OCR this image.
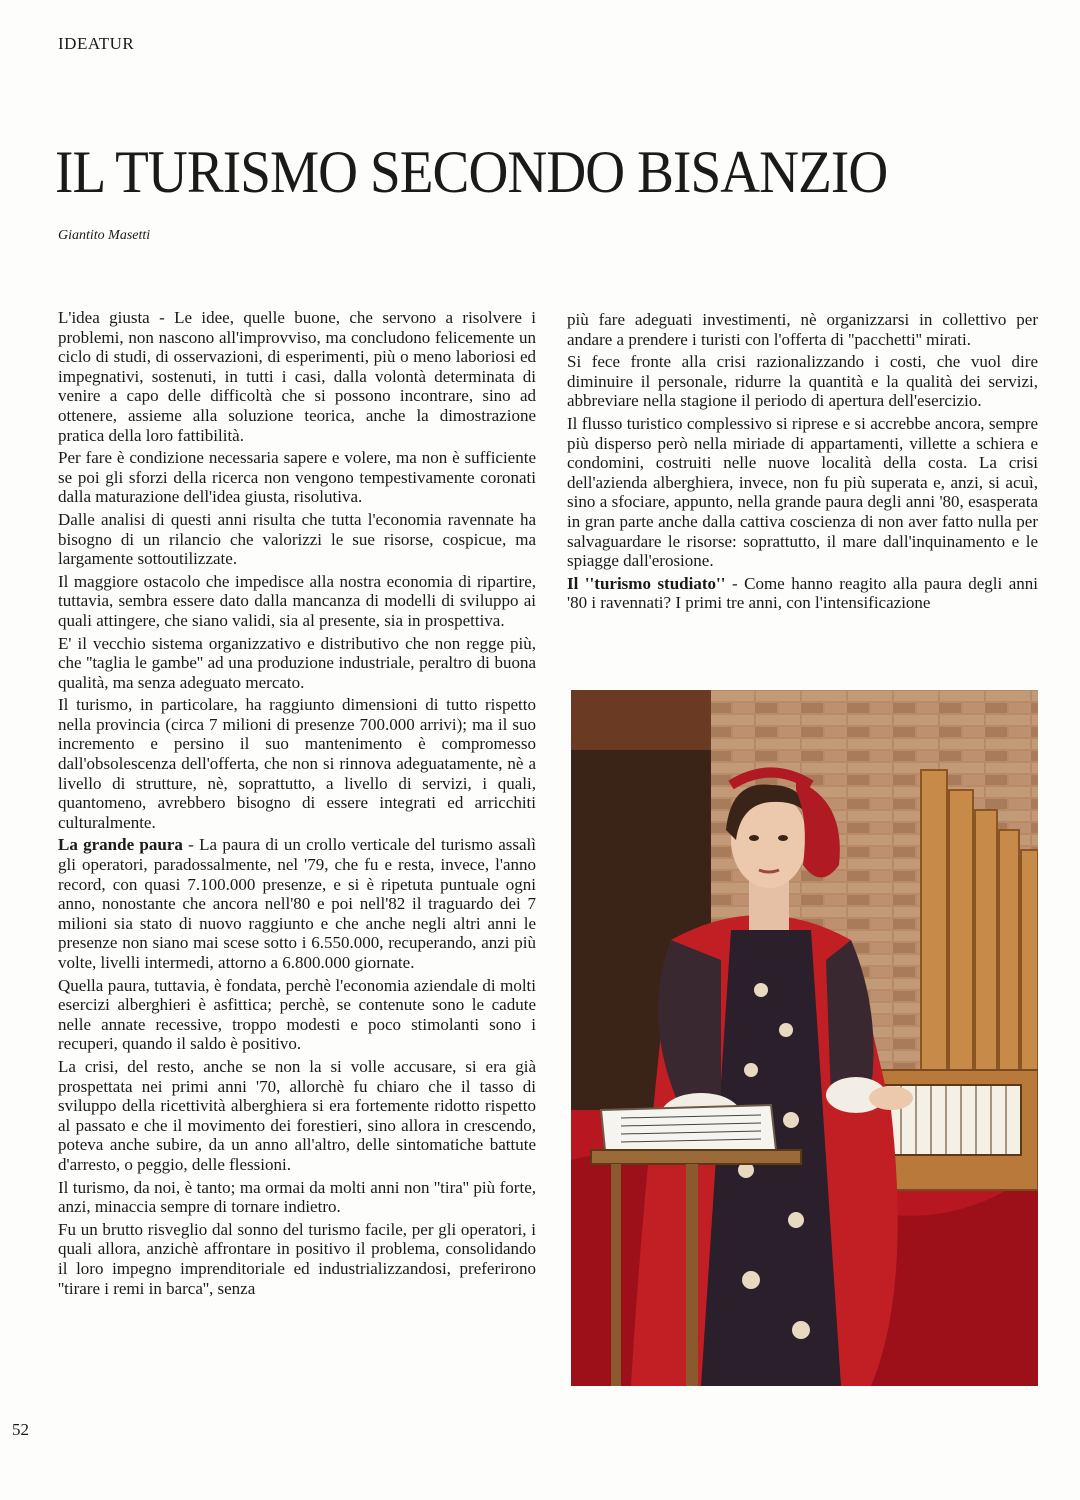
IDEATUR
IL TURISMO SECONDO BISANZIO
Giantito Masetti

L'idea giusta - Le idee, quelle buone, che servono a risolvere i problemi, non nascono all'improvviso, ma concludono felicemente un ciclo di studi, di osservazioni, di esperimenti, più o meno laboriosi ed impegnativi, sostenuti, in tutti i casi, dalla volontà determinata di venire a capo delle difficoltà che si possono incontrare, sino ad ottenere, assieme alla soluzione teorica, anche la dimostrazione pratica della loro fattibilità.

Per fare è condizione necessaria sapere e volere, ma non è sufficiente se poi gli sforzi della ricerca non vengono tempestivamente coronati dalla maturazione dell'idea giusta, risolutiva.

Dalle analisi di questi anni risulta che tutta l'economia ravennate ha bisogno di un rilancio che valorizzi le sue risorse, cospicue, ma largamente sottoutilizzate.

Il maggiore ostacolo che impedisce alla nostra economia di ripartire, tuttavia, sembra essere dato dalla mancanza di modelli di sviluppo ai quali attingere, che siano validi, sia al presente, sia in prospettiva.

E' il vecchio sistema organizzativo e distributivo che non regge più, che ''taglia le gambe'' ad una produzione industriale, peraltro di buona qualità, ma senza adeguato mercato.

Il turismo, in particolare, ha raggiunto dimensioni di tutto rispetto nella provincia (circa 7 milioni di presenze 700.000 arrivi); ma il suo incremento e persino il suo mantenimento è compromesso dall'obsolescenza dell'offerta, che non si rinnova adeguatamente, nè a livello di strutture, nè, soprattutto, a livello di servizi, i quali, quantomeno, avrebbero bisogno di essere integrati ed arricchiti culturalmente.

La grande paura - La paura di un crollo verticale del turismo assalì gli operatori, paradossalmente, nel '79, che fu e resta, invece, l'anno record, con quasi 7.100.000 presenze, e si è ripetuta puntuale ogni anno, nonostante che ancora nell'80 e poi nell'82 il traguardo dei 7 milioni sia stato di nuovo raggiunto e che anche negli altri anni le presenze non siano mai scese sotto i 6.550.000, recuperando, anzi più volte, livelli intermedi, attorno a 6.800.000 giornate.

Quella paura, tuttavia, è fondata, perchè l'economia aziendale di molti esercizi alberghieri è asfittica; perchè, se contenute sono le cadute nelle annate recessive, troppo modesti e poco stimolanti sono i recuperi, quando il saldo è positivo.

La crisi, del resto, anche se non la si volle accusare, si era già prospettata nei primi anni '70, allorchè fu chiaro che il tasso di sviluppo della ricettività alberghiera si era fortemente ridotto rispetto al passato e che il movimento dei forestieri, sino allora in crescendo, poteva anche subire, da un anno all'altro, delle sintomatiche battute d'arresto, o peggio, delle flessioni.

Il turismo, da noi, è tanto; ma ormai da molti anni non ''tira'' più forte, anzi, minaccia sempre di tornare indietro.

Fu un brutto risveglio dal sonno del turismo facile, per gli operatori, i quali allora, anzichè affrontare in positivo il problema, consolidando il loro impegno imprenditoriale ed industrializzandosi, preferirono ''tirare i remi in barca'', senza

più fare adeguati investimenti, nè organizzarsi in collettivo per andare a prendere i turisti con l'offerta di ''pacchetti'' mirati.

Si fece fronte alla crisi razionalizzando i costi, che vuol dire diminuire il personale, ridurre la quantità e la qualità dei servizi, abbreviare nella stagione il periodo di apertura dell'esercizio.

Il flusso turistico complessivo si riprese e si accrebbe ancora, sempre più disperso però nella miriade di appartamenti, villette a schiera e condomini, costruiti nelle nuove località della costa. La crisi dell'azienda alberghiera, invece, non fu più superata e, anzi, si acuì, sino a sfociare, appunto, nella grande paura degli anni '80, esasperata in gran parte anche dalla cattiva coscienza di non aver fatto nulla per salvaguardare le risorse: soprattutto, il mare dall'inquinamento e le spiagge dall'erosione.

Il ''turismo studiato'' - Come hanno reagito alla paura degli anni '80 i ravennati? I primi tre anni, con l'intensificazione

52
